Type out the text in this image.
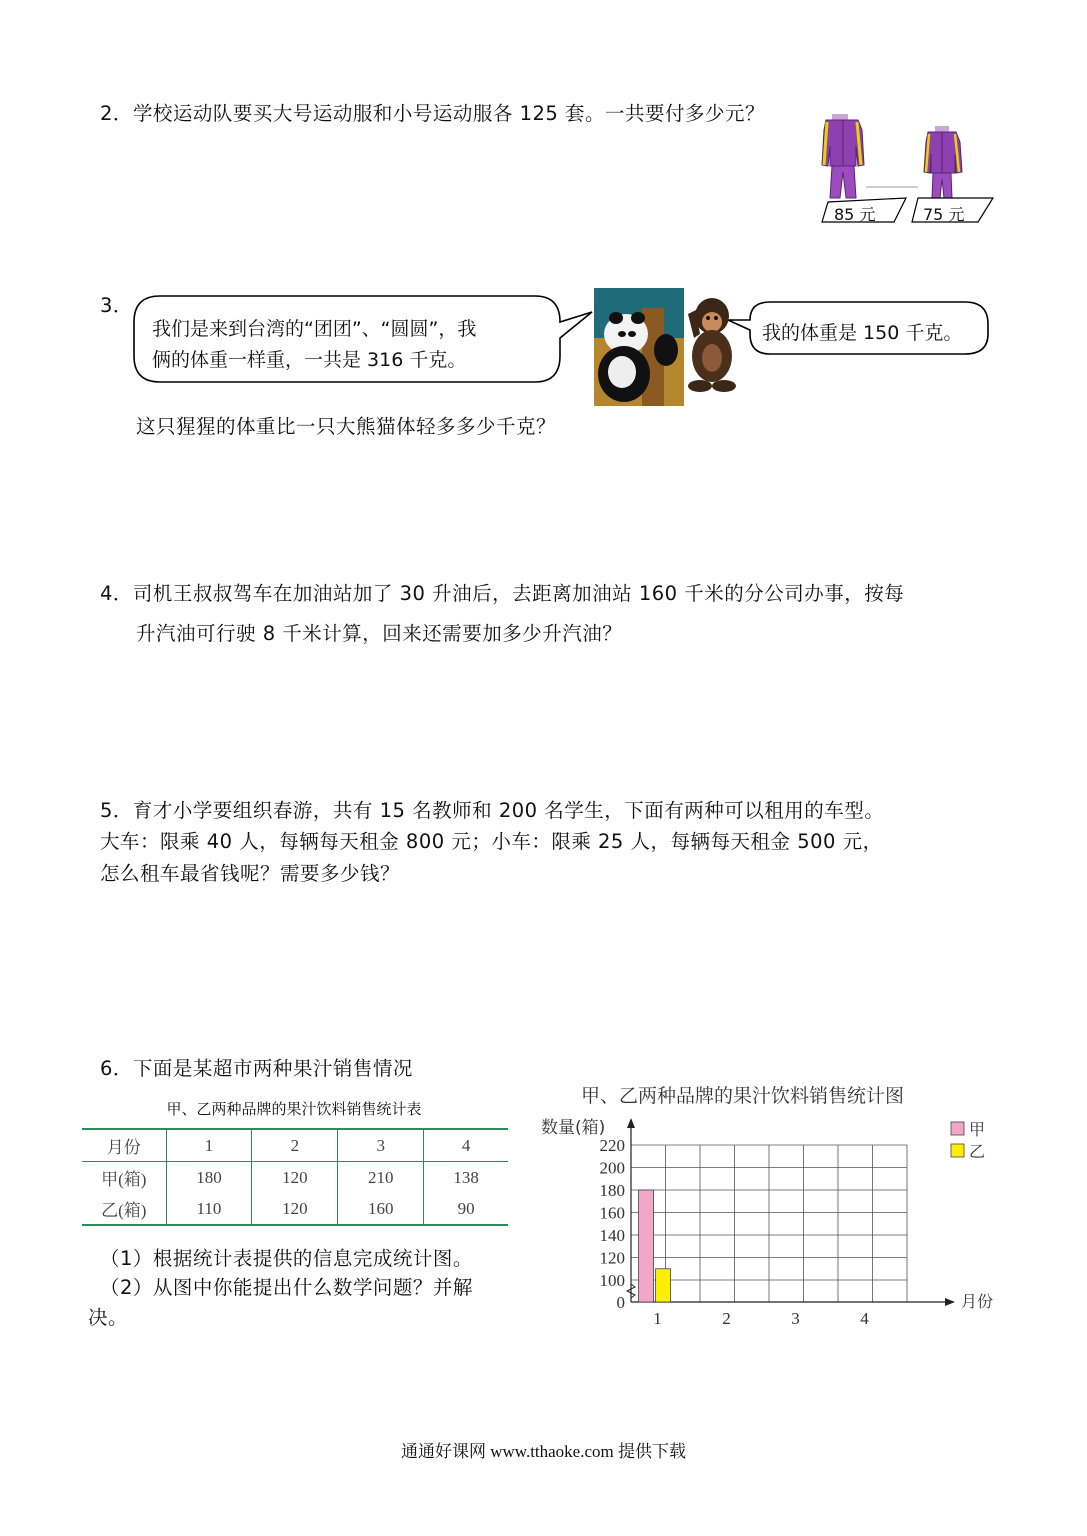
2．学校运动队要买大号运动服和小号运动服各 125 套。一共要付多少元？
85 元	75 元
3．
我们是来到台湾的“团团”、“圆圆”，我
俩的体重一样重，一共是 316 千克。
我的体重是 150 千克。
这只猩猩的体重比一只大熊猫体轻多多少千克？
4．司机王叔叔驾车在加油站加了 30 升油后，去距离加油站 160 千米的分公司办事，按每
升汽油可行驶 8 千米计算，回来还需要加多少升汽油？
5．育才小学要组织春游，共有 15 名教师和 200 名学生，下面有两种可以租用的车型。
大车：限乘 40 人，每辆每天租金 800 元；小车：限乘 25 人，每辆每天租金 500 元，
怎么租车最省钱呢？需要多少钱？
6．下面是某超市两种果汁销售情况
甲、乙两种品牌的果汁饮料销售统计表
月份	1	2	3	4
甲(箱)	180	120	210	138
乙(箱)	110	120	160	90
（1）根据统计表提供的信息完成统计图。
（2）从图中你能提出什么数学问题？并解
决。
甲、乙两种品牌的果汁饮料销售统计图
数量(箱)
月份
0
100
120
140
160
180
200
220
1	2	3	4
甲
乙
通通好课网 www.tthaoke.com 提供下载
